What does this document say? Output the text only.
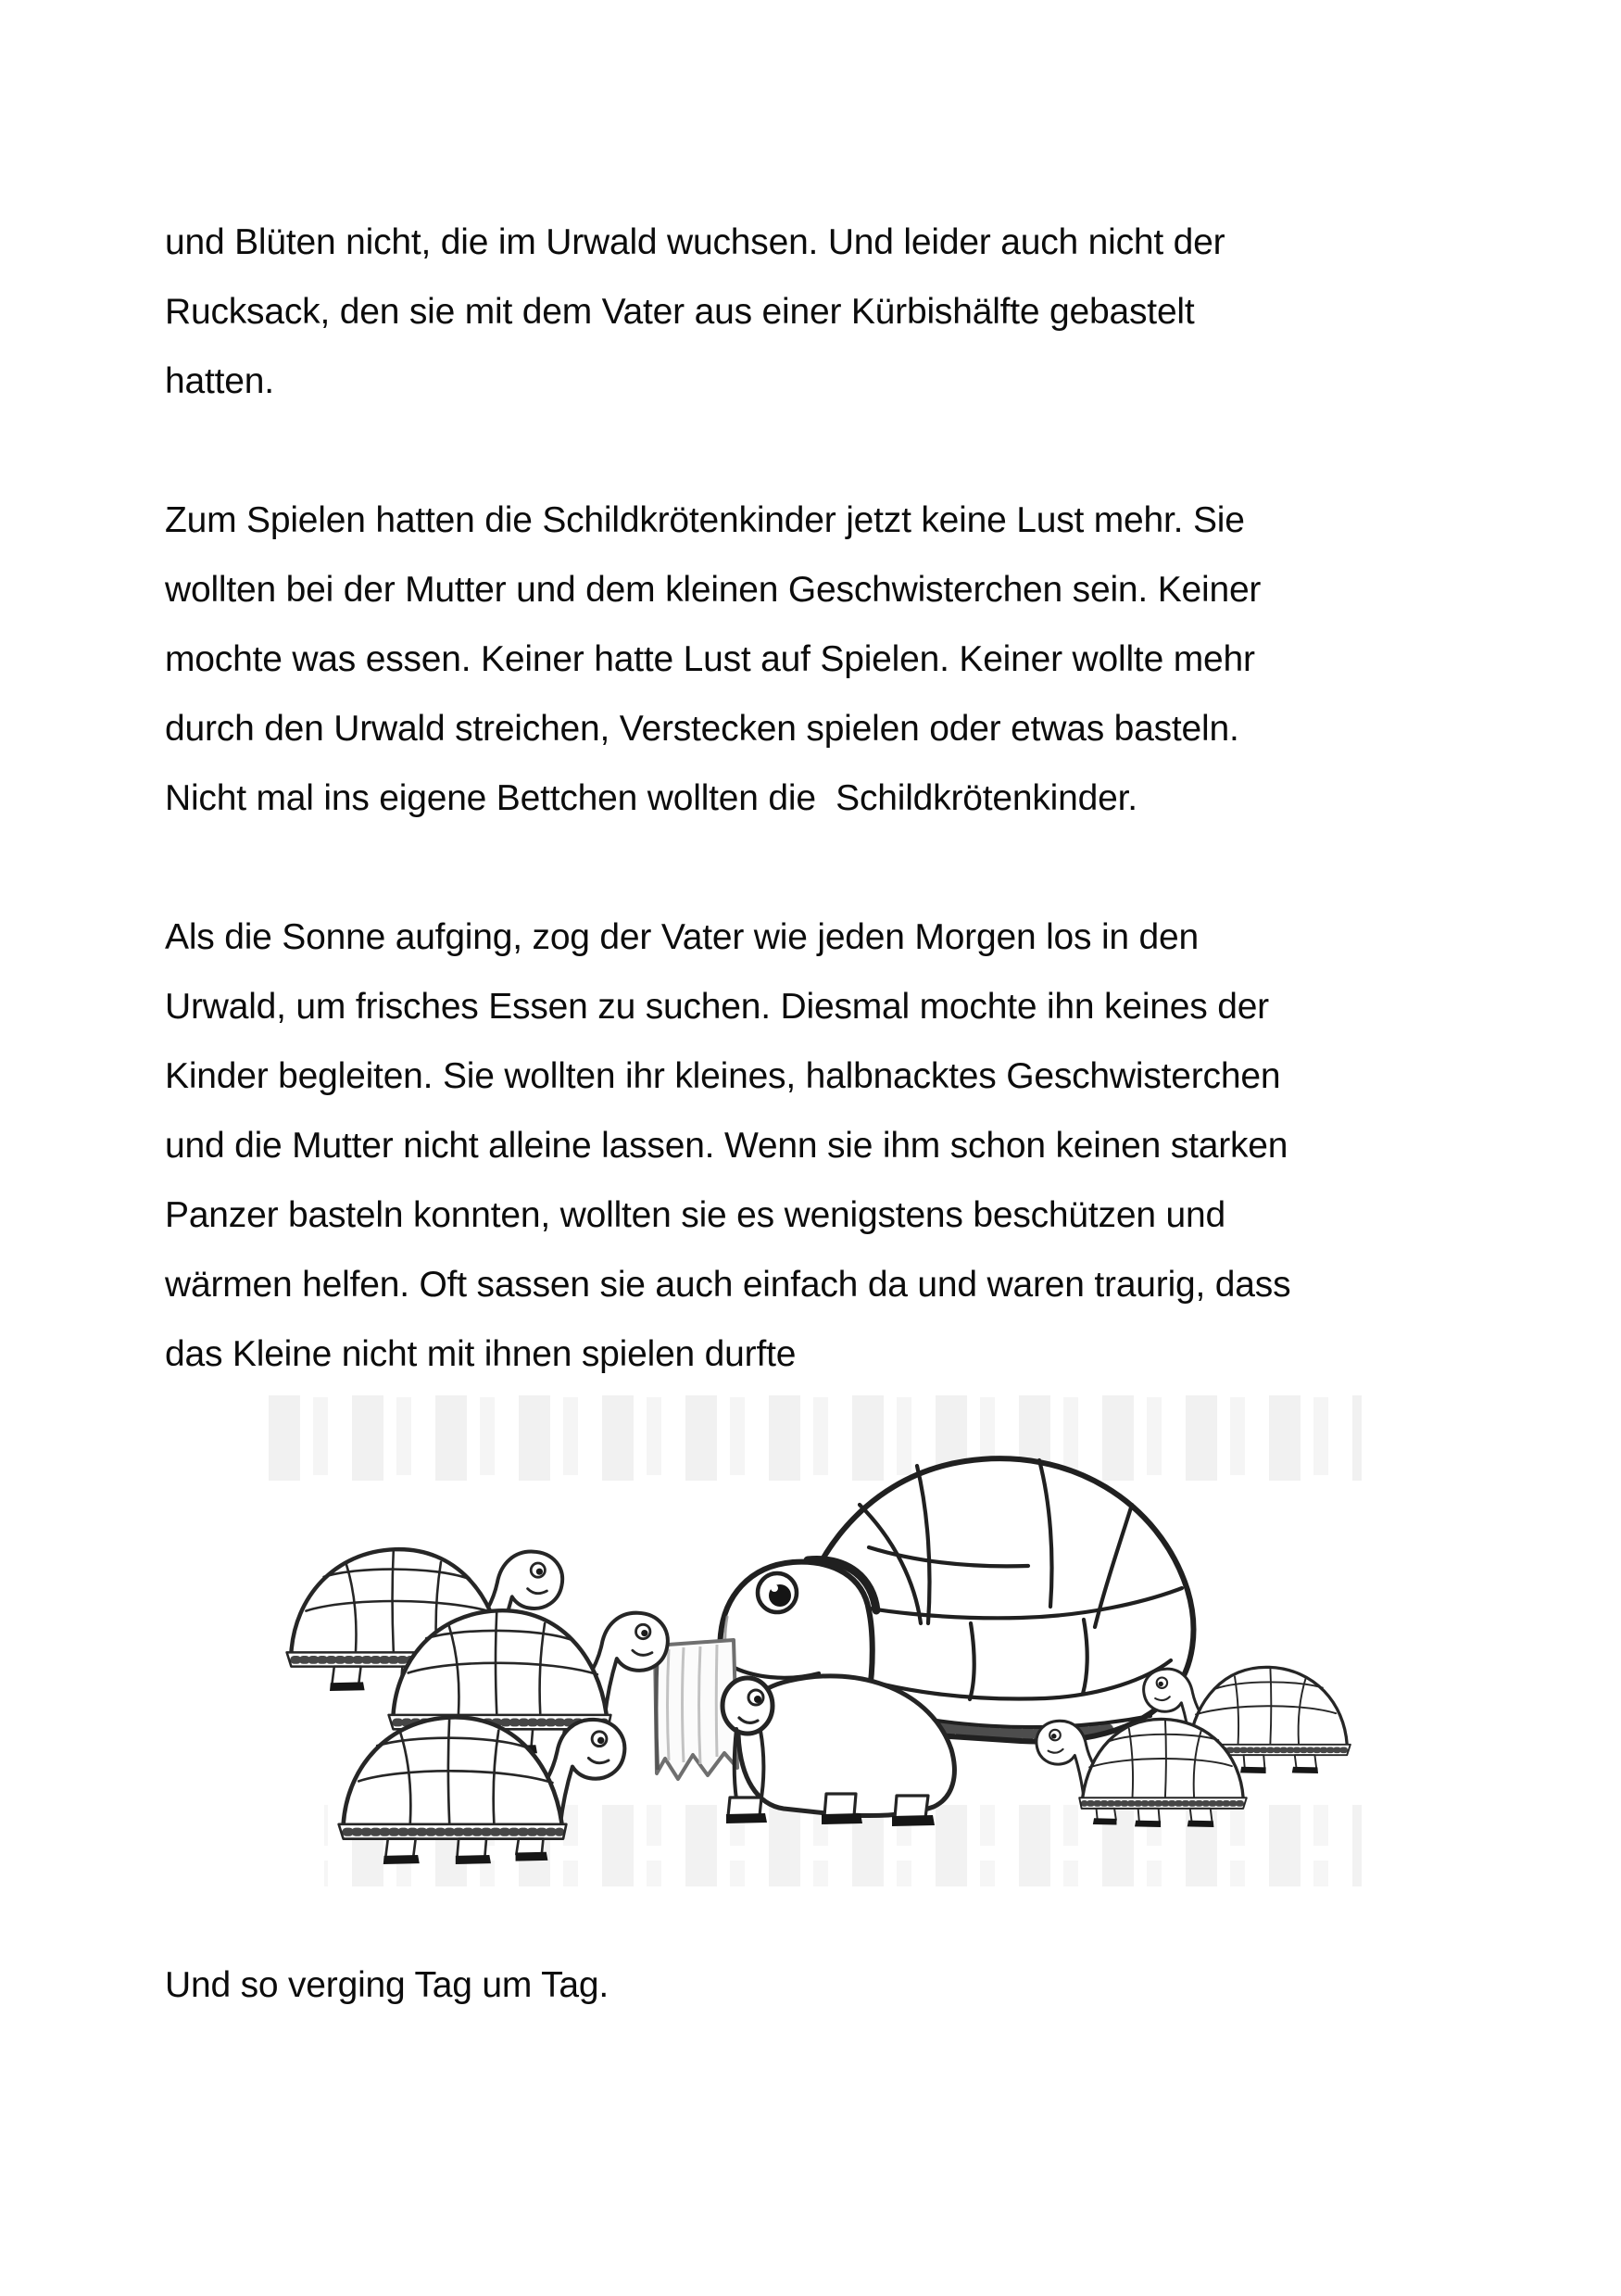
und Blüten nicht, die im Urwald wuchsen. Und leider auch nicht der
Rucksack, den sie mit dem Vater aus einer Kürbishälfte gebastelt
hatten.
Zum Spielen hatten die Schildkrötenkinder jetzt keine Lust mehr. Sie
wollten bei der Mutter und dem kleinen Geschwisterchen sein. Keiner
mochte was essen. Keiner hatte Lust auf Spielen. Keiner wollte mehr
durch den Urwald streichen, Verstecken spielen oder etwas basteln.
Nicht mal ins eigene Bettchen wollten die  Schildkrötenkinder.
Als die Sonne aufging, zog der Vater wie jeden Morgen los in den
Urwald, um frisches Essen zu suchen. Diesmal mochte ihn keines der
Kinder begleiten. Sie wollten ihr kleines, halbnacktes Geschwisterchen
und die Mutter nicht alleine lassen. Wenn sie ihm schon keinen starken
Panzer basteln konnten, wollten sie es wenigstens beschützen und
wärmen helfen. Oft sassen sie auch einfach da und waren traurig, dass
das Kleine nicht mit ihnen spielen durfte
Und so verging Tag um Tag.
